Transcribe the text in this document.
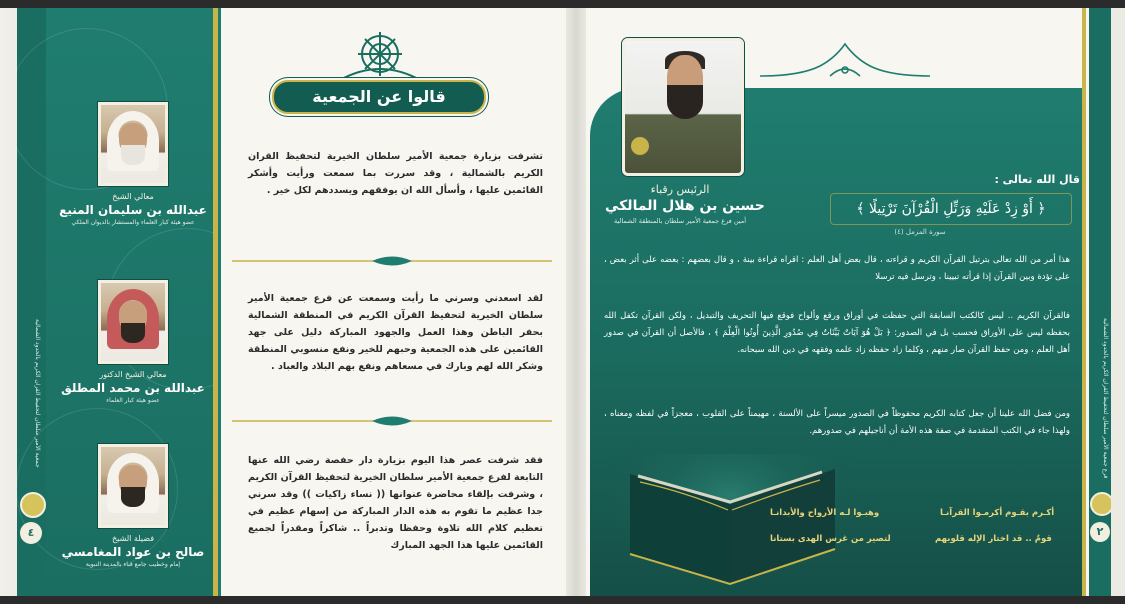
جمعية الأمير سلطان لتحفيظ القرآن الكريم بالحدود الشمالية
٤
معالي الشيخ
عبدالله بن سليمان المنيع
عضو هيئة كبار العلماء والمستشار بالديوان الملكي
معالي الشيخ الدكتور
عبدالله بن محمد المطلق
عضو هيئة كبار العلماء
فضيلة الشيخ
صالح بن عواد المغامسي
إمام وخطيب جامع قباء بالمدينة النبوية
قالوا عن الجمعية
تشرفت بزيارة جمعية الأمير سلطان الخيرية لتحفيظ القران الكريم بالشمالية ، وقد سررت بما سمعت ورأيت وأشكر القائمين عليها ، وأسأل الله ان يوفقهم ويسددهم لكل خير .
لقد اسعدني وسرني ما رأيت وسمعت عن فرع جمعية الأمير سلطان الخيرية لتحفيظ القرآن الكريم في المنطقة الشمالية بحفر الباطن وهذا العمل والجهود المباركة دليل على جهد القائمين على هذه الجمعية وحبهم للخير ونفع منسوبي المنطقة وشكر الله لهم وبارك في مسعاهم ونفع بهم البلاد والعباد .
فقد شرفت عصر هذا اليوم بزيارة دار حفصة رضي الله عنها التابعة لفرع جمعية الأمير سلطان الخيرية لتحفيظ القرآن الكريم ، وشرفت بإلقاء محاضرة عنوانها (( نساء زاكيات )) وقد سرني جدا عظيم ما تقوم به هذه الدار المباركة من إسهام عظيم في تعظيم كلام الله تلاوة وحفظا وتدبراً .. شاكراً ومقدراً لجميع القائمين عليها هذا الجهد المبارك
فرع جمعية الأمير سلطان لتحفيظ القرآن الكريم بالحدود الشمالية
٢
الرئيس رقباء
حسين بن هلال المالكي
أمين فرع جمعية الأمير سلطان بالمنطقة الشمالية
قال الله تعالى :
﴿ أَوْ زِدْ عَلَيْهِ وَرَتِّلِ الْقُرْآنَ تَرْتِيلًا ﴾
سورة المزمل (٤)
هذا أمر من الله تعالى بترتيل القرآن الكريم و قراءته ، قال بعض أهل العلم : اقراه قراءة بينة ، و قال بعضهم : بعضه على أثر بعض ، على تؤدة وبين القرآن إذا قرأته تبيينا ، وترسل فيه ترسلا
فالقرآن الكريم .. ليس كالكتب السابقة التي حفظت في أوراق ورقع وألواح فوقع فيها التحريف والتبديل ، ولكن القرآن تكفل الله بحفظه ليس على الأوراق فحسب بل في الصدور: ﴿ بَلْ هُوَ آيَاتٌ بَيِّنَاتٌ فِي صُدُورِ الَّذِينَ أُوتُوا الْعِلْمَ ﴾ ، فالأصل أن القرآن في صدور أهل العلم ، ومن حفظ القرآن صار منهم ، وكلما زاد حفظه زاد علمه وفقهه في دين الله سبحانه.
ومن فضل الله علينا أن جعل كتابه الكريم محفوظاً في الصدور ميسراً على الألسنة ، مهيمناً على القلوب ، معجزاً في لفظه ومعناه ، ولهذا جاء في الكتب المتقدمة في صفة هذه الأمة أن أناجيلهم في صدورهم.
أكـرم بقـوم أكرمـوا القرآنـا
وهبـوا لـه الأرواح والأبدانـا
قومٌ .. قد اختار الإله قلوبهم
لتصير من غرس الهدى بستانا
